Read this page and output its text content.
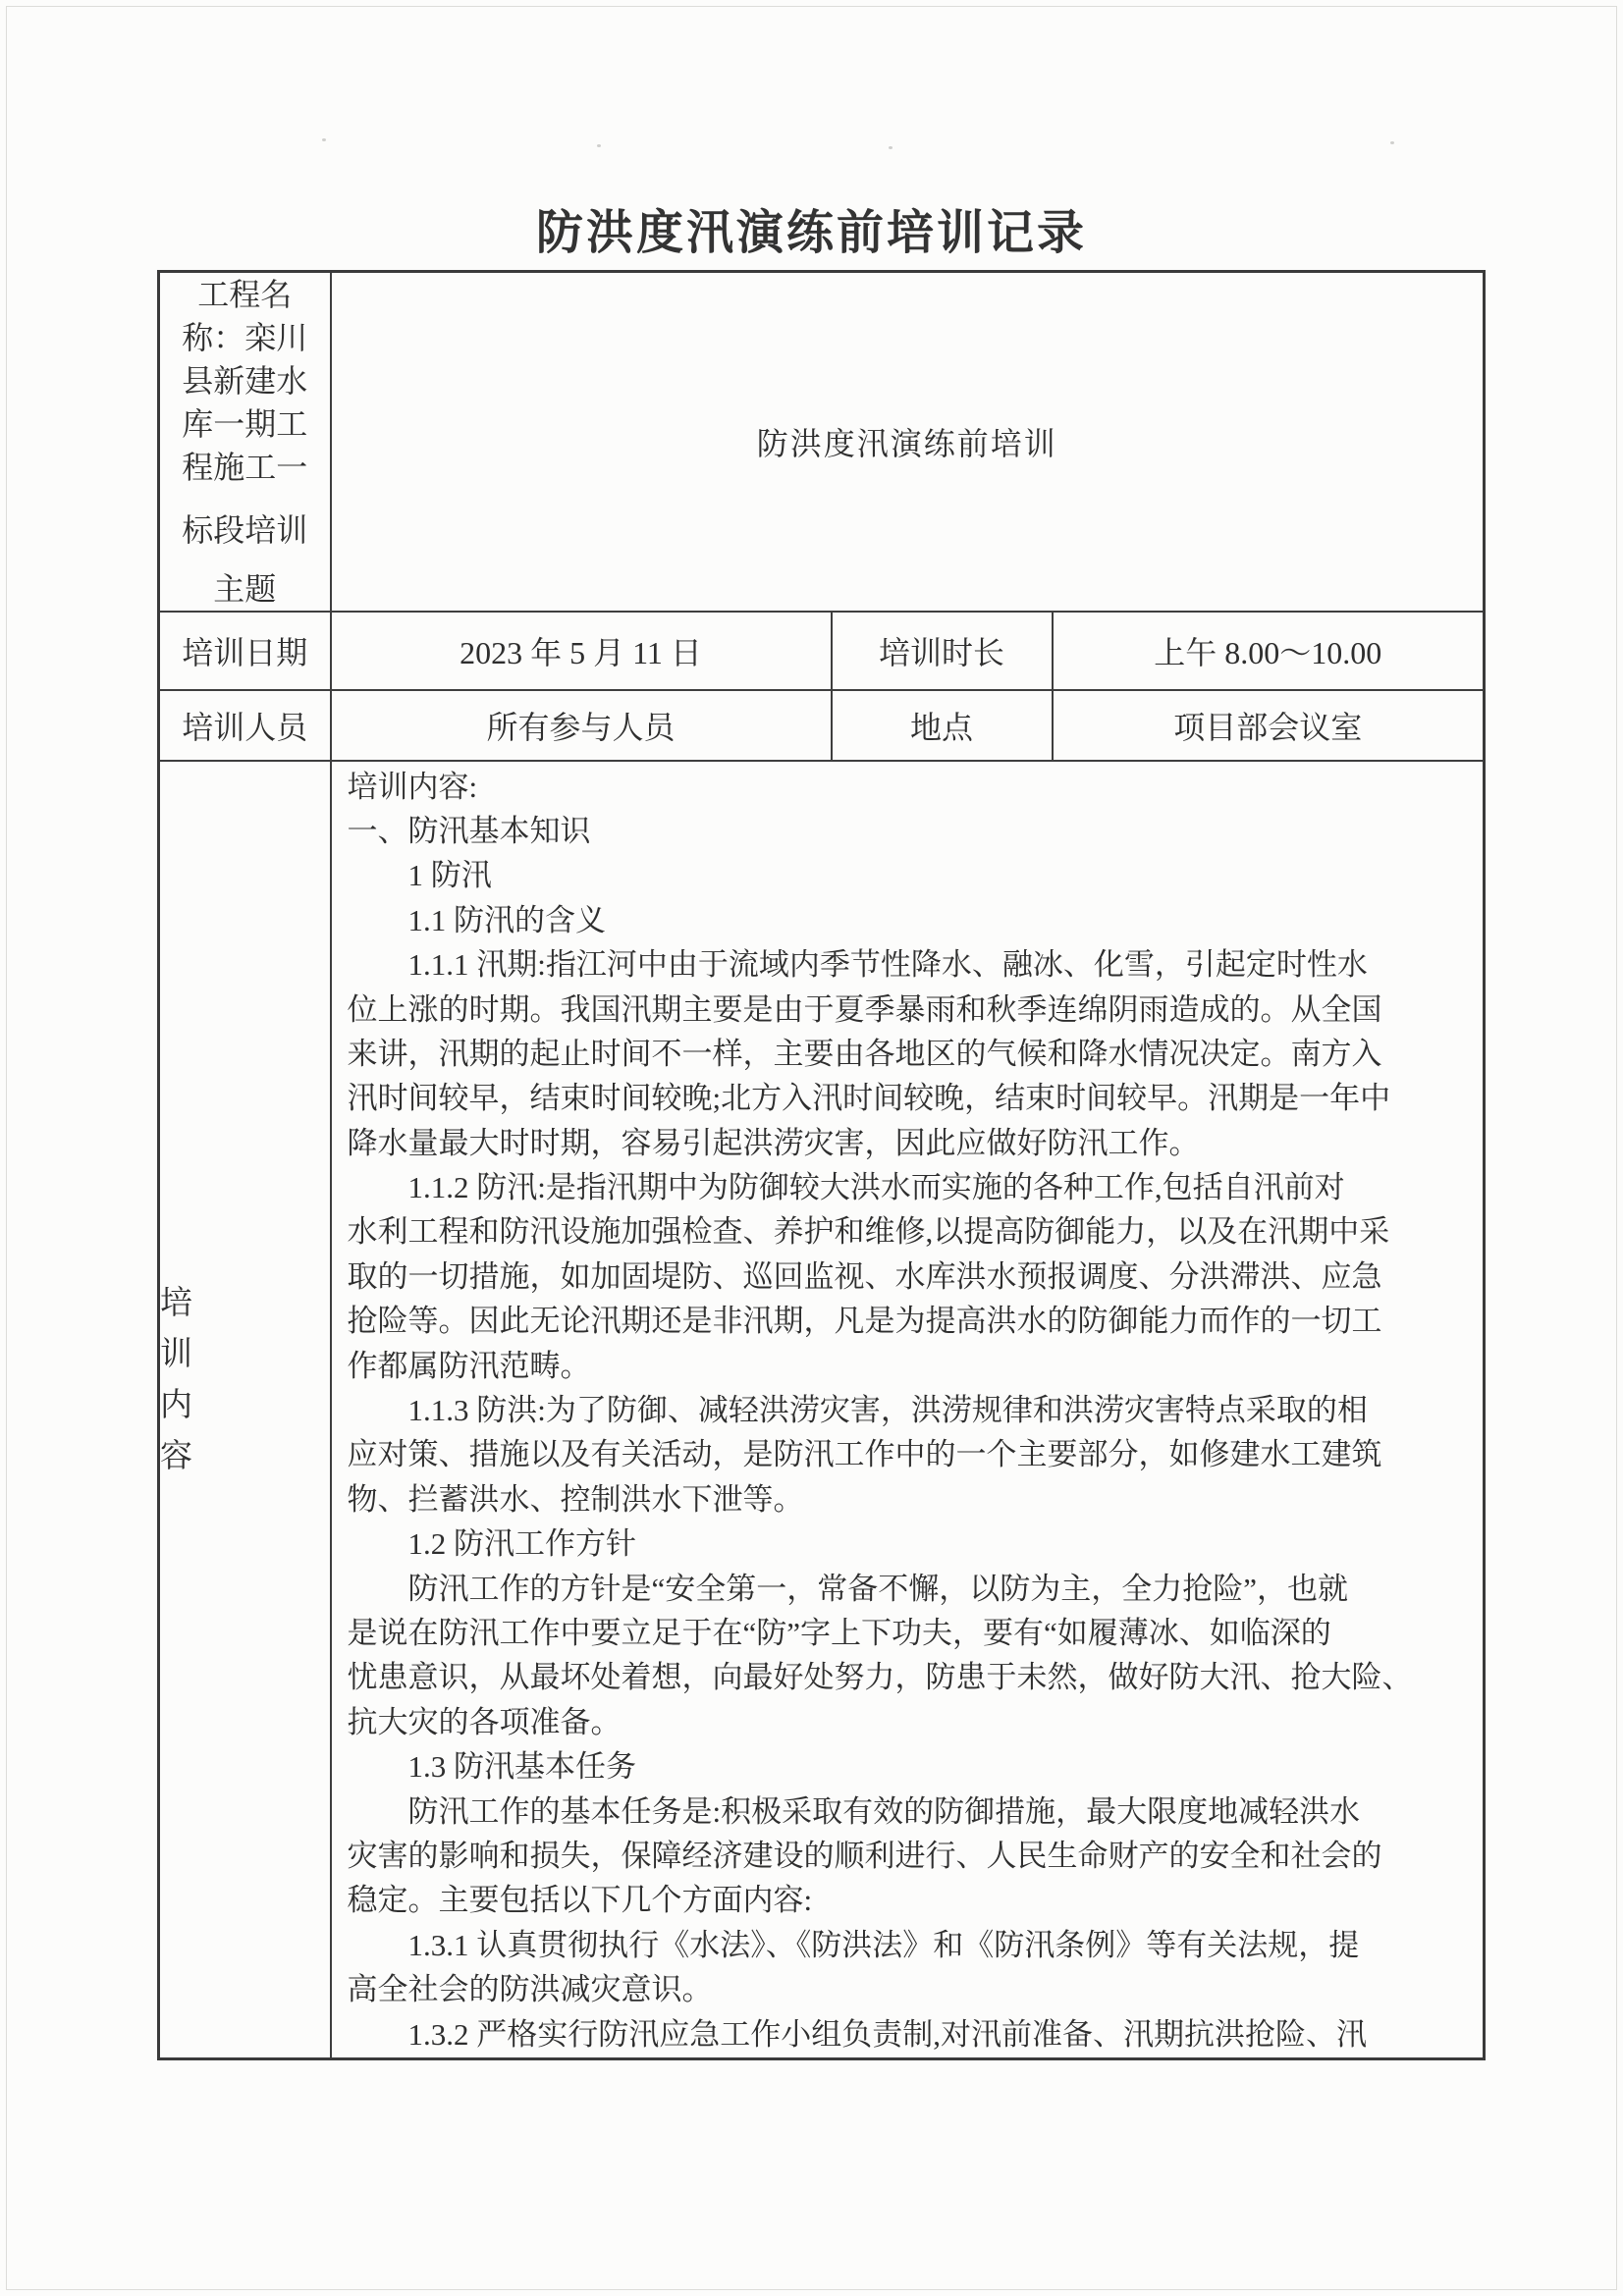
防洪度汛演练前培训记录
工程名
称：栾川
县新建水
库一期工
程施工一
标段培训
主题
	防洪度汛演练前培训
培训日期	2023 年 5 月 11 日	培训时长	上午 8.00～10.00
培训人员	所有参与人员	地点	项目部会议室

培
训
内
容

培训内容:
一、防汛基本知识
　　1 防汛
　　1.1 防汛的含义
　　1.1.1 汛期:指江河中由于流域内季节性降水、融冰、化雪，引起定时性水
位上涨的时期。我国汛期主要是由于夏季暴雨和秋季连绵阴雨造成的。从全国
来讲，汛期的起止时间不一样，主要由各地区的气候和降水情况决定。南方入
汛时间较早，结束时间较晚;北方入汛时间较晚，结束时间较早。汛期是一年中
降水量最大时时期，容易引起洪涝灾害，因此应做好防汛工作。
　　1.1.2 防汛:是指汛期中为防御较大洪水而实施的各种工作,包括自汛前对
水利工程和防汛设施加强检查、养护和维修,以提高防御能力，以及在汛期中采
取的一切措施，如加固堤防、巡回监视、水库洪水预报调度、分洪滞洪、应急
抢险等。因此无论汛期还是非汛期，凡是为提高洪水的防御能力而作的一切工
作都属防汛范畴。
　　1.1.3 防洪:为了防御、减轻洪涝灾害，洪涝规律和洪涝灾害特点采取的相
应对策、措施以及有关活动，是防汛工作中的一个主要部分，如修建水工建筑
物、拦蓄洪水、控制洪水下泄等。
　　1.2 防汛工作方针
　　防汛工作的方针是“安全第一，常备不懈，以防为主，全力抢险”，也就
是说在防汛工作中要立足于在“防”字上下功夫，要有“如履薄冰、如临深的
忧患意识，从最坏处着想，向最好处努力，防患于未然，做好防大汛、抢大险、
抗大灾的各项准备。
　　1.3 防汛基本任务
　　防汛工作的基本任务是:积极采取有效的防御措施，最大限度地减轻洪水
灾害的影响和损失，保障经济建设的顺利进行、人民生命财产的安全和社会的
稳定。主要包括以下几个方面内容:
　　1.3.1 认真贯彻执行《水法》、《防洪法》和《防汛条例》等有关法规，提
高全社会的防洪减灾意识。
　　1.3.2 严格实行防汛应急工作小组负责制,对汛前准备、汛期抗洪抢险、汛
